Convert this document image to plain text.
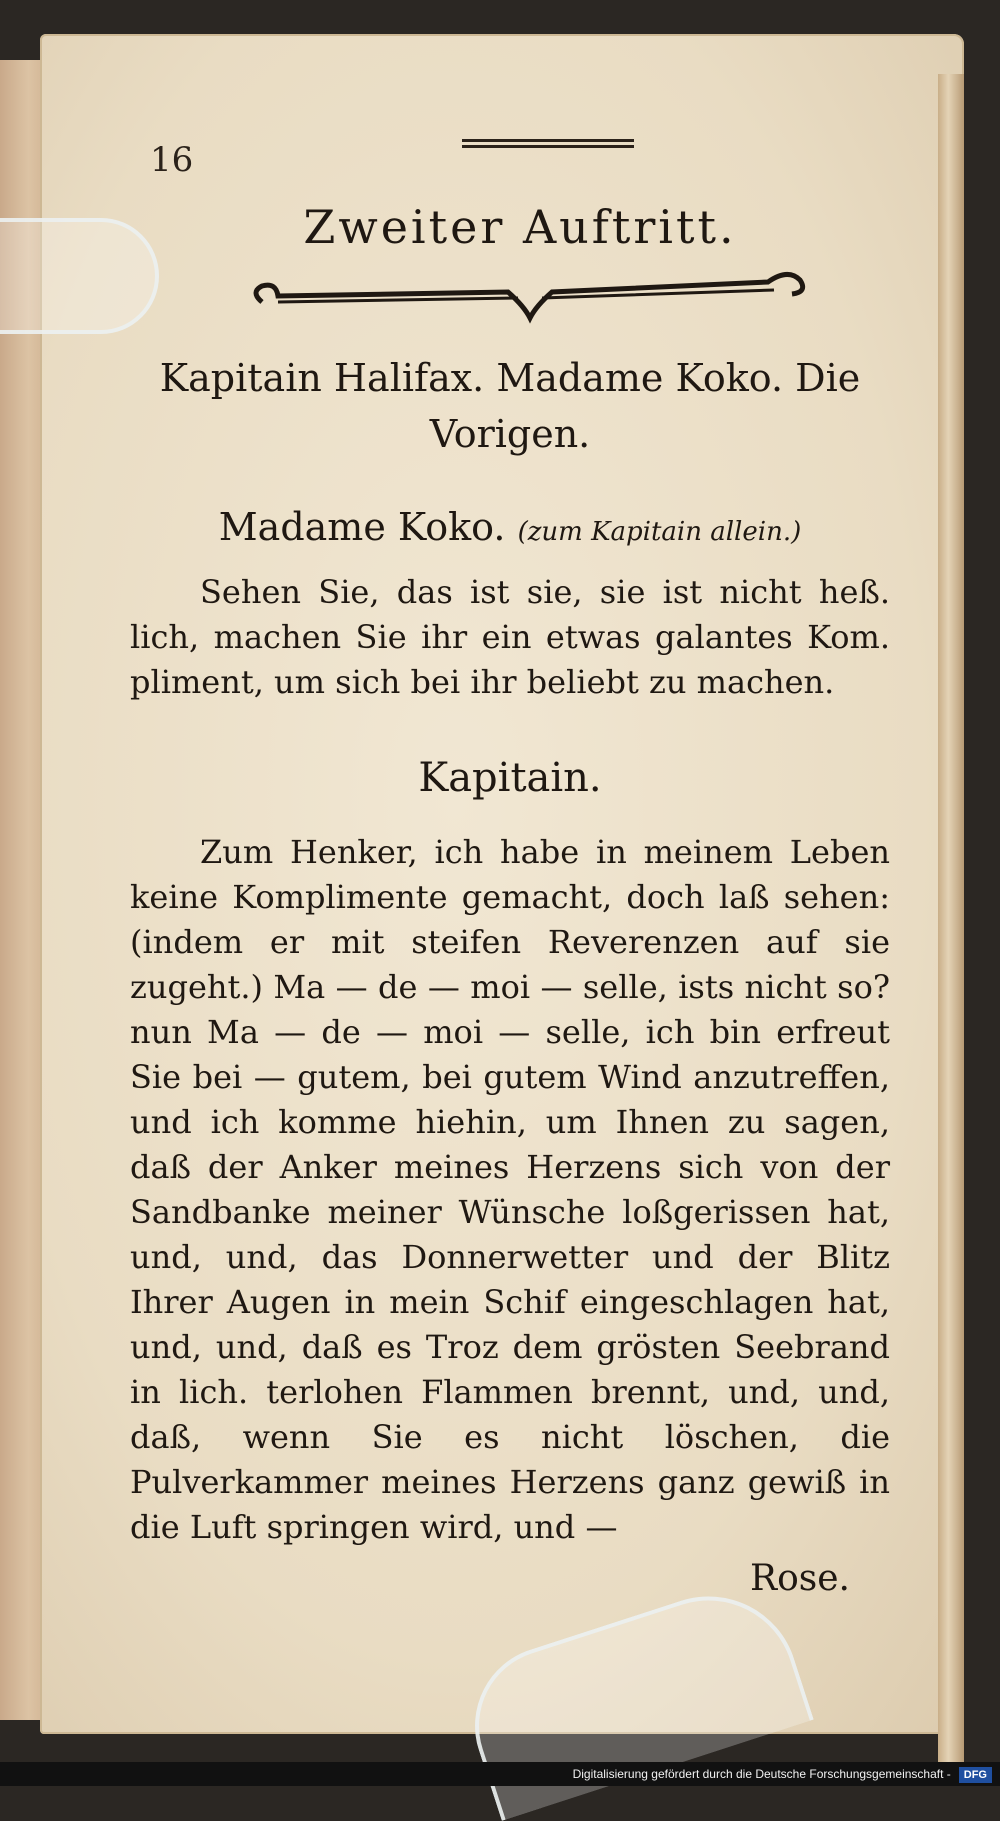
16
Zweiter Auftritt.
Kapitain Halifax. Madame Koko. Die Vorigen.
Madame Koko. (zum Kapitain allein.)
Sehen Sie, das ist sie, sie ist nicht heß. lich, machen Sie ihr ein etwas galantes Kom. pliment, um sich bei ihr beliebt zu machen.
Kapitain.
Zum Henker, ich habe in meinem Leben keine Komplimente gemacht, doch laß sehen: (indem er mit steifen Reverenzen auf sie zugeht.) Ma — de — moi — selle, ists nicht so? nun Ma — de — moi — selle, ich bin erfreut Sie bei — gutem, bei gutem Wind anzutreffen, und ich komme hiehin, um Ihnen zu sagen, daß der Anker meines Herzens sich von der Sandbanke meiner Wünsche loßgerissen hat, und, und, das Donnerwetter und der Blitz Ihrer Augen in mein Schif eingeschlagen hat, und, und, daß es Troz dem grösten Seebrand in lich. terlohen Flammen brennt, und, und, daß, wenn Sie es nicht löschen, die Pulverkammer meines Herzens ganz gewiß in die Luft springen wird, und —
Rose.
Digitalisierung gefördert durch die Deutsche Forschungsgemeinschaft - DFG
